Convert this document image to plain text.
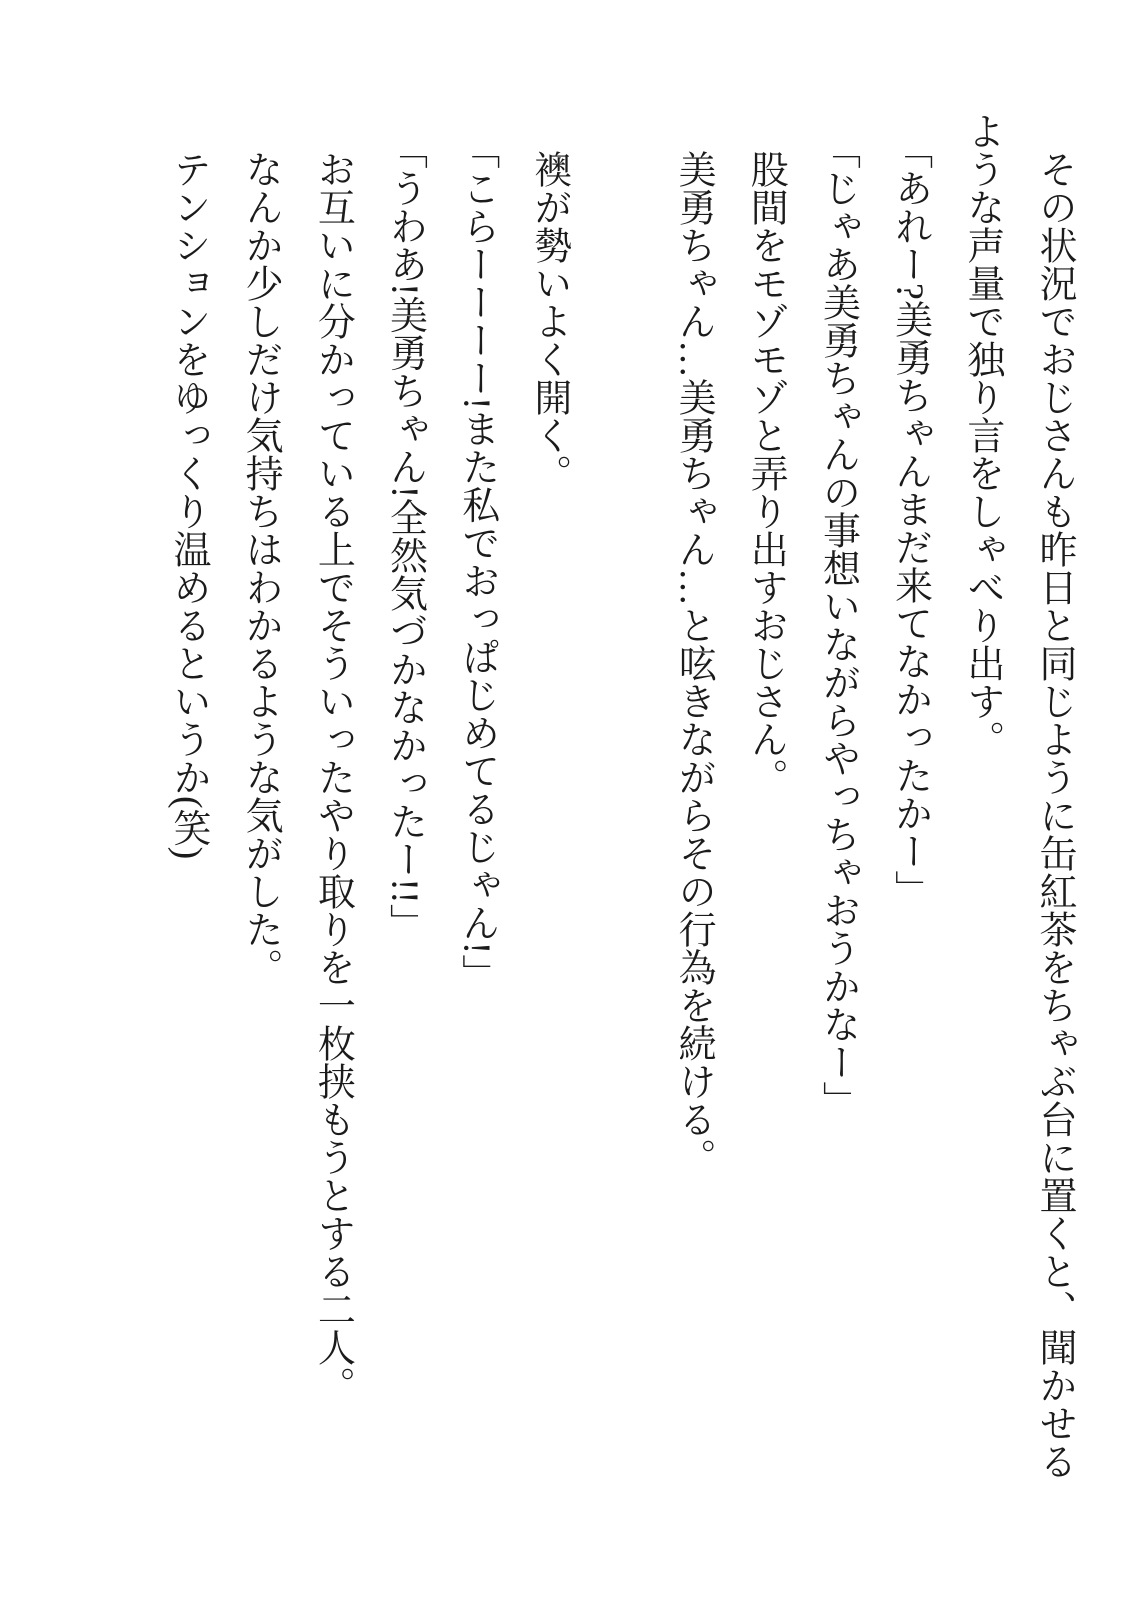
その状況でおじさんも昨日と同じように缶紅茶をちゃぶ台に置くと、聞かせるような声量で独り言をしゃべり出す。

「あれー?美勇ちゃんまだ来てなかったかー」

「じゃあ美勇ちゃんの事想いながらやっちゃおうかなー」

股間をモゾモゾと弄り出すおじさん。

美勇ちゃん…美勇ちゃん…と呟きながらその行為を続ける。

襖が勢いよく開く。

「こらーーーー!また私でおっぱじめてるじゃん!」

「うわあ!美勇ちゃん!全然気づかなかったー!!」

お互いに分かっている上でそういったやり取りを一枚挟もうとする二人。

なんか少しだけ気持ちはわかるような気がした。

テンションをゆっくり温めるというか(笑)
